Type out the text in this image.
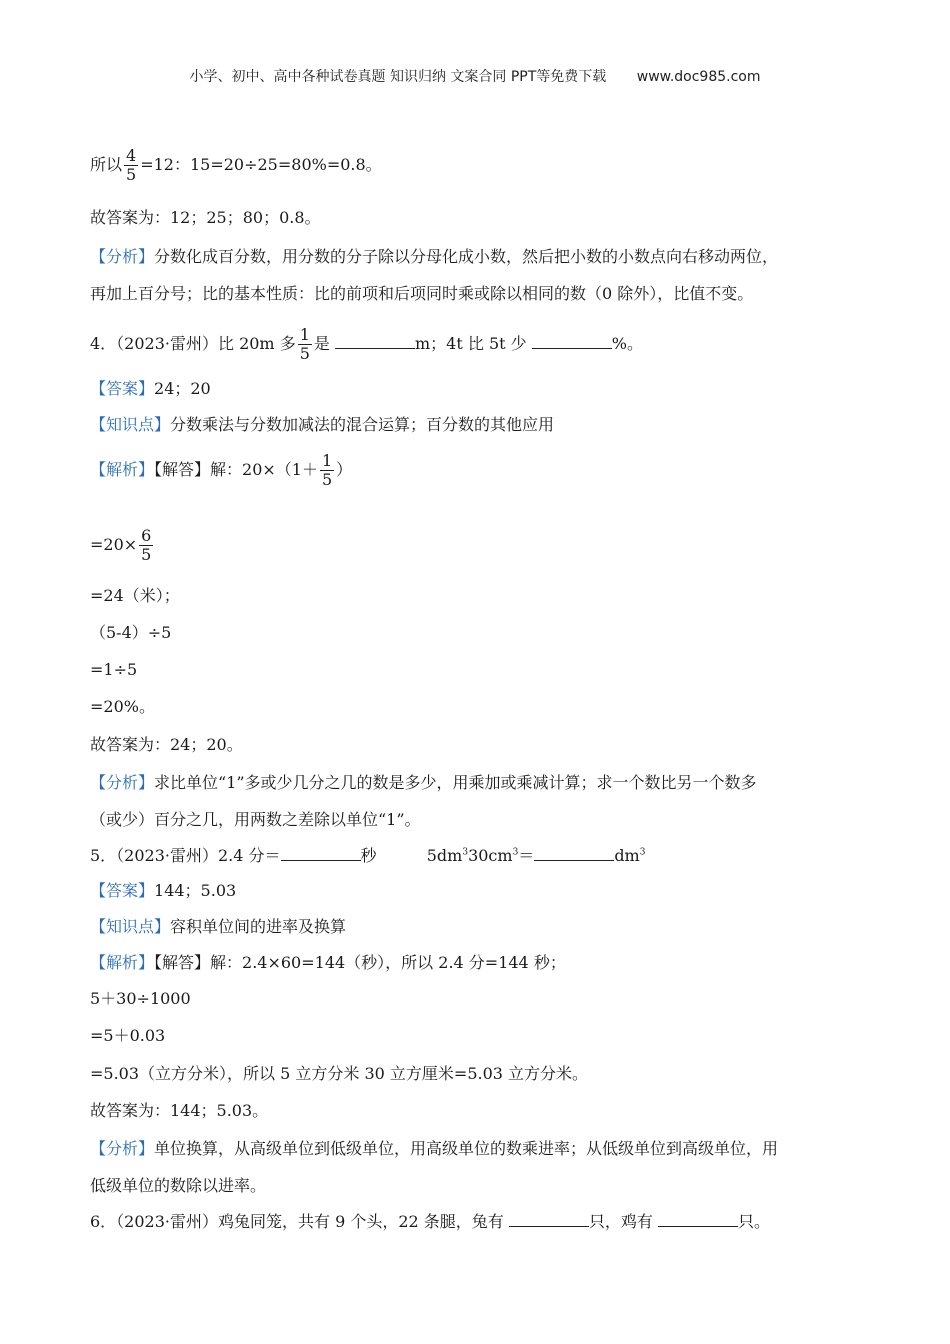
小学、初中、高中各种试卷真题 知识归纳 文案合同 PPT等免费下载 www.doc985.com
所以 $\frac{4}{5} =12$：15=20÷25=80%=0.8。
故答案为：12；25；80；0.8。
【分析】分数化成百分数，用分数的分子除以分母化成小数，然后把小数的小数点向右移动两位，
再加上百分号；比的基本性质：比的前项和后项同时乘或除以相同的数（0 除外），比值不变。
4．（2023·雷州）比 20m 多 $\frac{1}{5}$ 是	m；4t 比 5t 少	%。
【答案】24；20
【知识点】分数乘法与分数加减法的混合运算；百分数的其他应用
【解析】【解答】解：$20\times(1+ \frac{1}{5}$ ）
$=20\times \frac{6}{5}$
=24（米）；
（5-4）÷5
=1÷5
=20%。
故答案为：24；20。
【分析】求比单位“1”多或少几分之几的数是多少，用乘加或乘减计算；求一个数比另一个数多
（或少）百分之几，用两数之差除以单位“1”。
5．（2023·雷州）2.4 分＝	秒	$5dm^330cm^3=$	$dm^3$
【答案】144；5.03
【知识点】容积单位间的进率及换算
【解析】【解答】解：2.4×60=144（秒），所以 2.4 分=144 秒；
5＋30÷1000
=5＋0.03
=5.03（立方分米），所以 5 立方分米 30 立方厘米=5.03 立方分米。
故答案为：144；5.03。
【分析】单位换算，从高级单位到低级单位，用高级单位的数乘进率；从低级单位到高级单位，用
低级单位的数除以进率。
6．（2023·雷州）鸡兔同笼，共有 9 个头，22 条腿，兔有	只，鸡有	只。
